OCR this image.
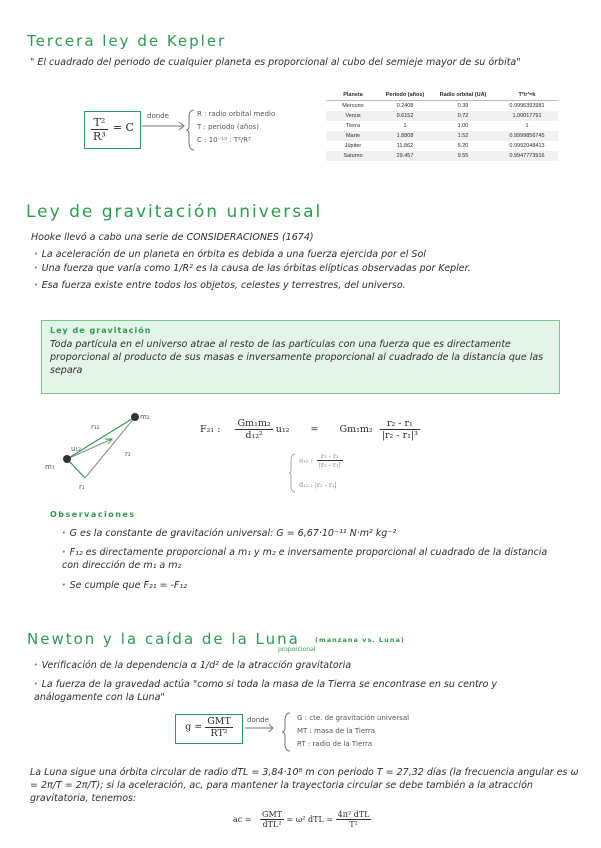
Tercera ley de Kepler
" El cuadrado del periodo de cualquier planeta es proporcional al cubo del semieje mayor de su órbita"
$\frac{\text{T²}}{\text{R³}} = C$
donde	R : radio orbital medio
T : periodo (años)
C : 10⁻¹⁹ : T²/R³
Planeta	Periodo (años)	Radio orbital (UA)	T²/r³=k
Mercurio	0.2408	0.39	0.9996393981
Venus	0.6152	0.72	1.00017791
Tierra	1	1.00	1
Marte	1.8808	1.52	0.9999856745
Júpiter	11.862	5.20	0.9992048413
Saturno	29.457	9.55	0.9947773916
Ley de gravitación universal
Hooke llevó a cabo una serie de CONSIDERACIONES (1674)
· La aceleración de un planeta en órbita es debida a una fuerza ejercida por el Sol
· Una fuerza que varía como 1/R² es la causa de las órbitas elípticas observadas por Kepler.
· Esa fuerza existe entre todos los objetos, celestes y terrestres, del universo.
Ley de gravitación
Toda partícula en el universo atrae al resto de las partículas con una fuerza que es directamente proporcional al producto de sus masas e inversamente proporcional al cuadrado de la distancia que las separa
m₁
m₂
r₁₂
u₁₂
r₁
r₂
F₂₁ : $\frac{\text{Gm₁m₂}}{\text{d₁₂²}} u_{12} = Gm_1m_2 \frac{\text{r₂ - r₁}}{\text{|r₂ - r₁|³}}$
u₁₂ : $\frac{\text{r₂ - r₁}}{\text{|r₂ - r₁|}}$
d₁₂ : |r₂ - r₁|
Observaciones
· G es la constante de gravitación universal: G = 6,67·10⁻¹¹ N·m² kg⁻²
· F₁₂ es directamente proporcional a m₁ y m₂ e inversamente proporcional al cuadrado de la distancia con dirección de m₁ a m₂
· Se cumple que F₂₁ = -F₁₂
Newton y la caída de la Luna (manzana vs. Luna)
proporcional
· Verificación de la dependencia α 1/d² de la atracción gravitatoria
· La fuerza de la gravedad actúa "como si toda la masa de la Tierra se encontrase en su centro y análogamente con la Luna"
$g = \frac{\text{GMT}}{\text{RT²}}$ donde	G : cte. de gravitación universal
MT : masa de la Tierra
RT : radio de la Tierra
La Luna sigue una órbita circular de radio dTL = 3,84·10⁸ m con periodo T = 27,32 días (la frecuencia angular es ω = 2π/T = 2π/T); si la aceleración, ac, para mantener la trayectoria circular se debe también a la atracción gravitatoria, tenemos:
ac = $\frac{\text{GMT}}{\text{dTL²}} = \omega^2$ dTL = $\frac{\text{4π² dTL}}{\text{T²}}$
